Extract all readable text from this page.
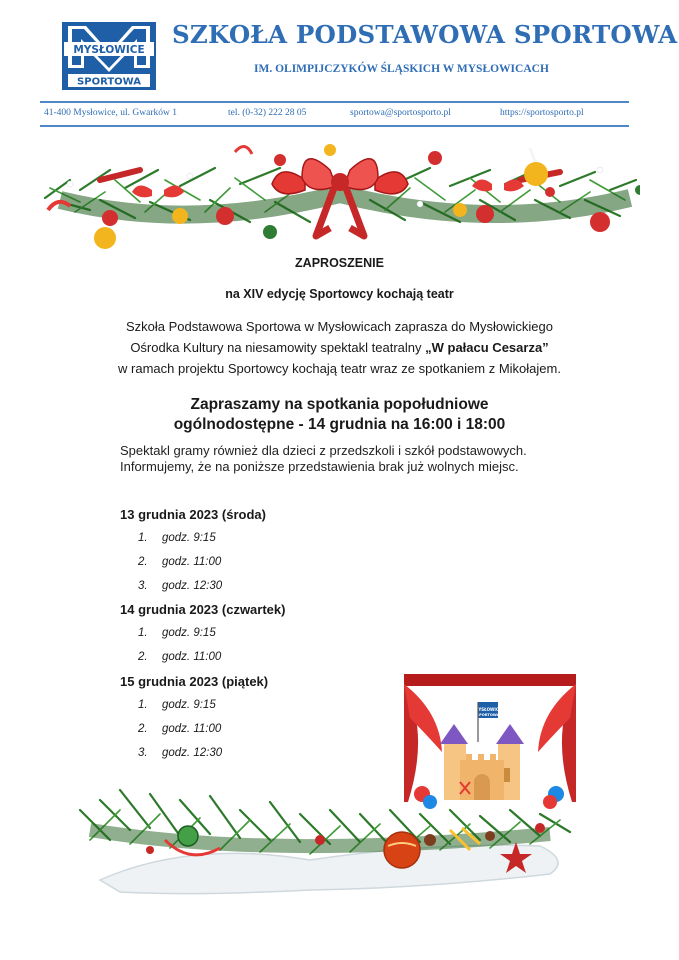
MYSŁOWICE
SPORTOWA
SZKOŁA PODSTAWOWA SPORTOWA
IM. OLIMPIJCZYKÓW ŚLĄSKICH W MYSŁOWICACH
41-400 Mysłowice, ul. Gwarków 1	tel. (0-32) 222 28 05	sportowa@sportosporto.pl	https://sportosporto.pl
ZAPROSZENIE
na XIV edycję Sportowcy kochają teatr
Szkoła Podstawowa Sportowa w Mysłowicach zaprasza do Mysłowickiego
Ośrodka Kultury na niesamowity spektakl teatralny „W pałacu Cesarza”
w ramach projektu Sportowcy kochają teatr wraz ze spotkaniem z Mikołajem.
Zapraszamy na spotkania popołudniowe
ogólnodostępne - 14 grudnia na 16:00 i 18:00
Spektakl gramy również dla dzieci z przedszkoli i szkół podstawowych.
Informujemy, że na poniższe przedstawienia brak już wolnych miejsc.
13 grudnia 2023 (środa)
1. godz. 9:15
2. godz. 11:00
3. godz. 12:30
14 grudnia 2023 (czwartek)
1. godz. 9:15
2. godz. 11:00
15 grudnia 2023 (piątek)
1. godz. 9:15
2. godz. 11:00
3. godz. 12:30
MYSŁOWICE
SPORTOWA
